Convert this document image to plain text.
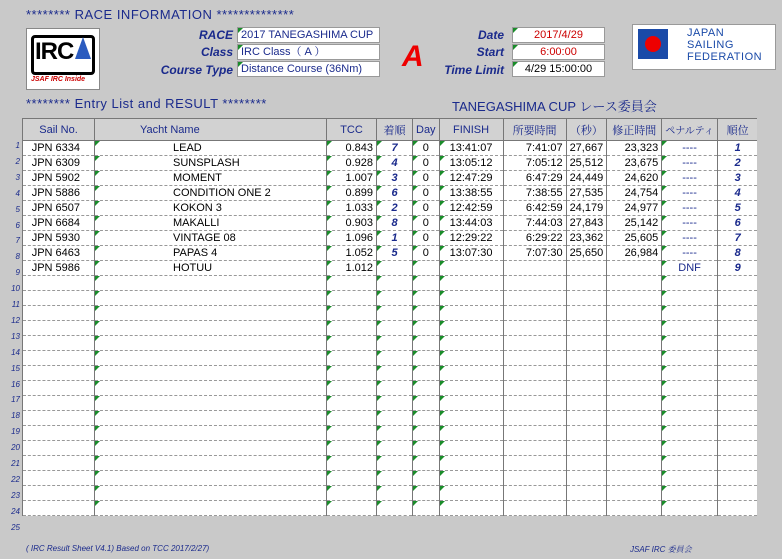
******** RACE INFORMATION **************
IRC
JSAF IRC Inside
RACE 2017 TANEGASHIMA CUP
Class IRC Class（ A ）
Course Type Distance Course (36Nm)	A
Date	2017/4/29
Start	6:00:00
Time Limit	4/29 15:00:00
JAPAN
SAILING
FEDERATION
******** Entry List and RESULT ********	TANEGASHIMA CUP レース委員会
1
2
3
4
5
6
7
8
9
10
11
12
13
14
15
16
17
18
19
20
21
22
23
24
25
Sail No.	Yacht Name	TCC	着順	Day	FINISH	所要時間	（秒）	修正時間	ペナルティ	順位
JPN 6334	LEAD	0.843	7	0	13:41:07	7:41:07	27,667	23,323	----	1
JPN 6309	SUNSPLASH	0.928	4	0	13:05:12	7:05:12	25,512	23,675	----	2
JPN 5902	MOMENT	1.007	3	0	12:47:29	6:47:29	24,449	24,620	----	3
JPN 5886	CONDITION ONE 2	0.899	6	0	13:38:55	7:38:55	27,535	24,754	----	4
JPN 6507	KOKON 3	1.033	2	0	12:42:59	6:42:59	24,179	24,977	----	5
JPN 6684	MAKALLI	0.903	8	0	13:44:03	7:44:03	27,843	25,142	----	6
JPN 5930	VINTAGE 08	1.096	1	0	12:29:22	6:29:22	23,362	25,605	----	7
JPN 6463	PAPAS 4	1.052	5	0	13:07:30	7:07:30	25,650	26,984	----	8
JPN 5986	HOTUU	1.012							DNF	9

( IRC Result Sheet V4.1) Based on TCC 2017/2/27)	JSAF IRC 委員会
